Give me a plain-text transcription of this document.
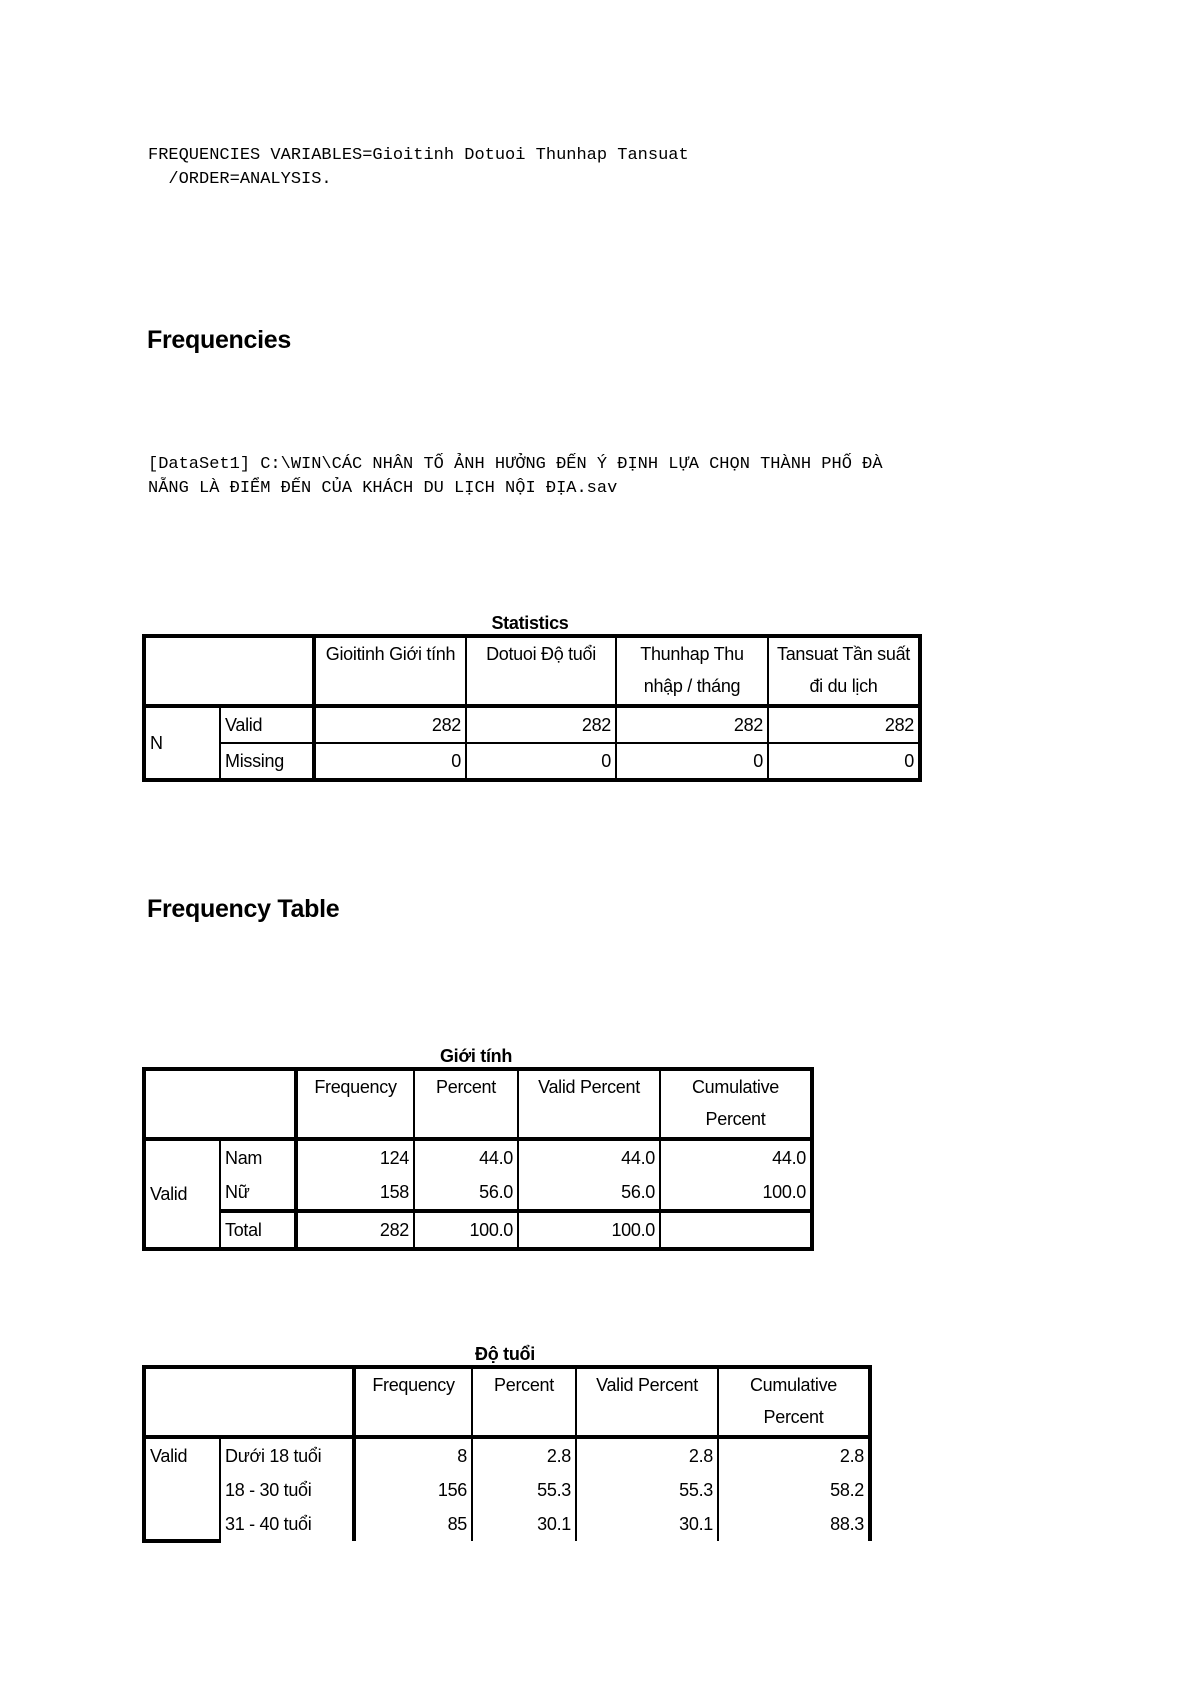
FREQUENCIES VARIABLES=Gioitinh Dotuoi Thunhap Tansuat
/ORDER=ANALYSIS.
Frequencies
[DataSet1] C:\WIN\CÁC NHÂN TỐ ẢNH HƯỞNG ĐẾN Ý ĐỊNH LỰA CHỌN THÀNH PHỐ ĐÀ
NẴNG LÀ ĐIỂM ĐẾN CỦA KHÁCH DU LỊCH NỘI ĐỊA.sav
Statistics
		Gioitinh Giới tính	Dotuoi Độ tuổi	Thunhap Thu nhập / tháng	Tansuat Tần suất đi du lịch
N	Valid	282	282	282	282
	Missing	0	0	0	0
Frequency Table
Giới tính
		Frequency	Percent	Valid Percent	Cumulative Percent
Valid	Nam	124	44.0	44.0	44.0
	Nữ	158	56.0	56.0	100.0
	Total	282	100.0	100.0	
Độ tuổi
		Frequency	Percent	Valid Percent	Cumulative Percent
Valid	Dưới 18 tuổi	8	2.8	2.8	2.8
	18 - 30 tuổi	156	55.3	55.3	58.2
	31 - 40 tuổi	85	30.1	30.1	88.3
